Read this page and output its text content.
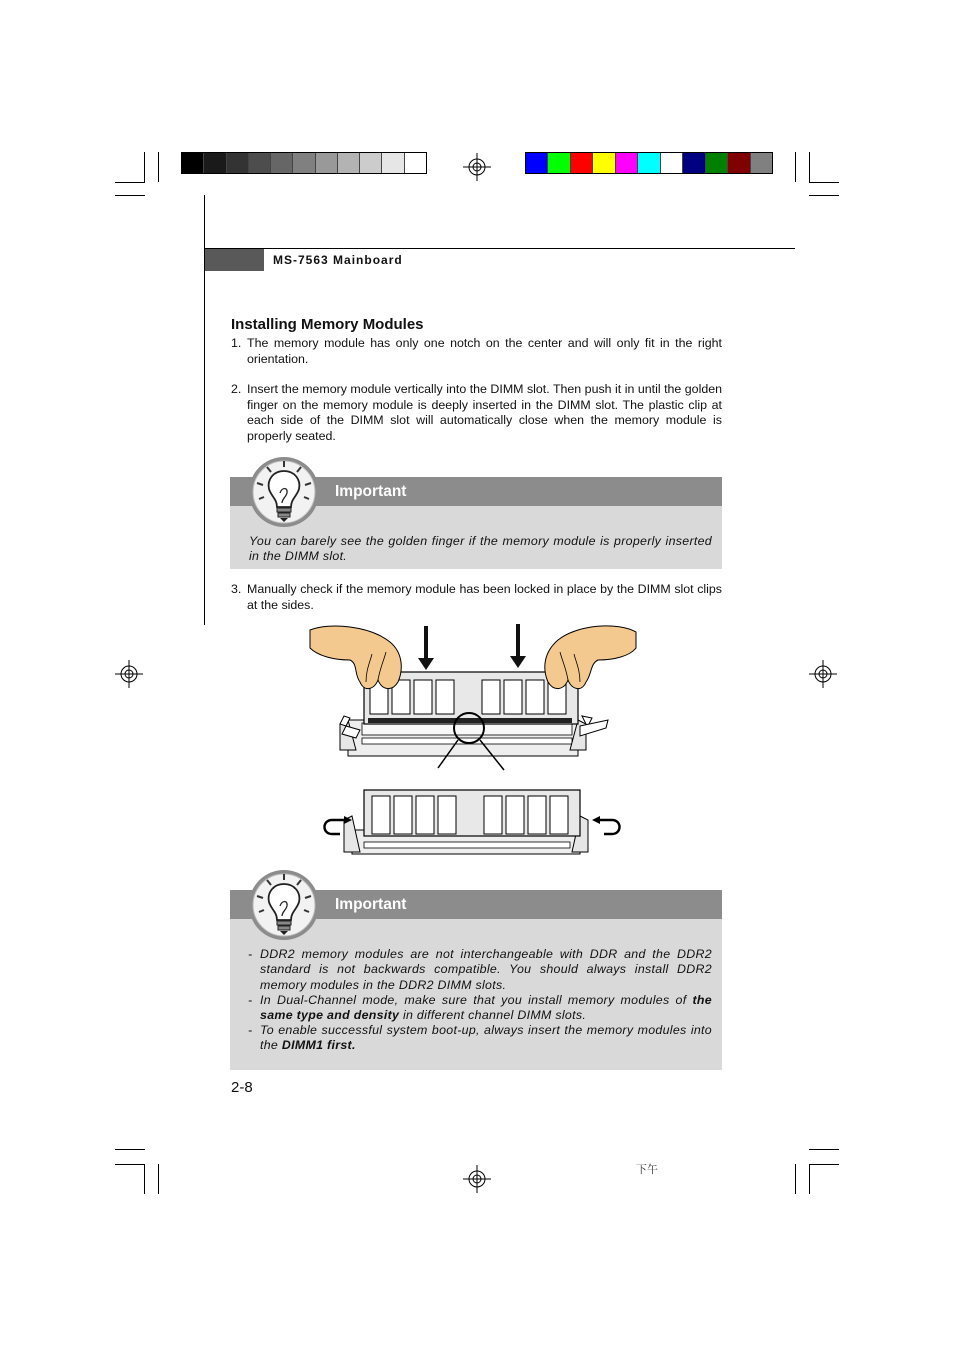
MS-7563 Mainboard
Installing Memory Modules
1. The memory module has only one notch on the center and will only fit in the right orientation.
2. Insert the memory module vertically into the DIMM slot. Then push it in until the golden finger on the memory module is deeply inserted in the DIMM slot. The plastic clip at each side of the DIMM slot will automatically close when the memory module is properly seated.
Important
You can barely see the golden finger if the memory module is properly inserted in the DIMM slot.
3. Manually check if the memory module has been locked in place by the DIMM slot clips at the sides.
Important
- DDR2 memory modules are not interchangeable with DDR and the DDR2 standard is not backwards compatible. You should always install DDR2 memory modules in the DDR2 DIMM slots.
- In Dual-Channel mode, make sure that you install memory modules of the same type and density in different channel DIMM slots.
- To enable successful system boot-up, always insert the memory modules into the DIMM1 first.
2-8
下午
